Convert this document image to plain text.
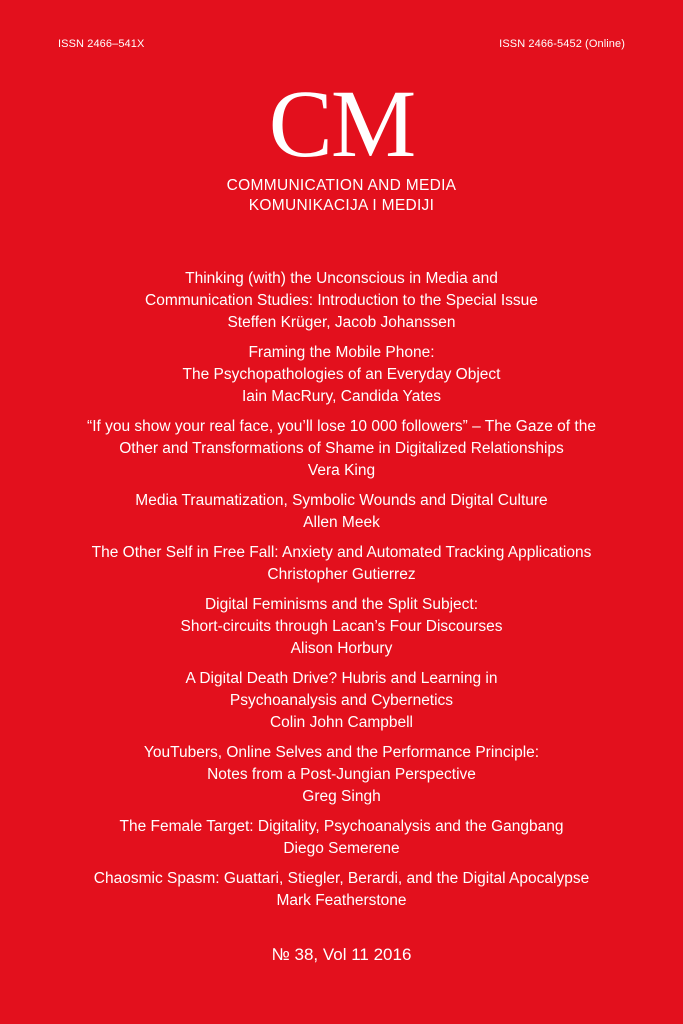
ISSN 2466–541X	ISSN 2466-5452 (Online)
CM
COMMUNICATION AND MEDIA
KOMUNIKACIJA I MEDIJI
Thinking (with) the Unconscious in Media and
Communication Studies: Introduction to the Special Issue
Steffen Krüger, Jacob Johanssen
Framing the Mobile Phone:
The Psychopathologies of an Everyday Object
Iain MacRury, Candida Yates
“If you show your real face, you’ll lose 10 000 followers” – The Gaze of the
Other and Transformations of Shame in Digitalized Relationships
Vera King
Media Traumatization, Symbolic Wounds and Digital Culture
Allen Meek
The Other Self in Free Fall: Anxiety and Automated Tracking Applications
Christopher Gutierrez
Digital Feminisms and the Split Subject:
Short-circuits through Lacan’s Four Discourses
Alison Horbury
A Digital Death Drive? Hubris and Learning in
Psychoanalysis and Cybernetics
Colin John Campbell
YouTubers, Online Selves and the Performance Principle:
Notes from a Post-Jungian Perspective
Greg Singh
The Female Target: Digitality, Psychoanalysis and the Gangbang
Diego Semerene
Chaosmic Spasm: Guattari, Stiegler, Berardi, and the Digital Apocalypse
Mark Featherstone
№ 38, Vol 11 2016
